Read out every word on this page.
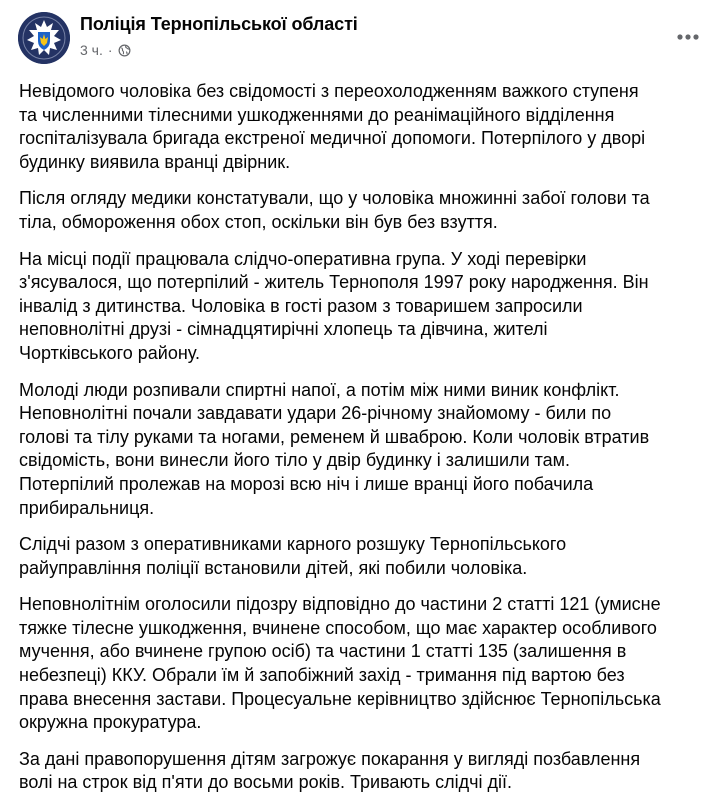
Поліція Тернопільської області
3 ч. ·

Невідомого чоловіка без свідомості з переохолодженням важкого ступеня
та численними тілесними ушкодженнями до реанімаційного відділення
госпіталізувала бригада екстреної медичної допомоги. Потерпілого у дворі
будинку виявила вранці двірник.

Після огляду медики констатували, що у чоловіка множинні забої голови та
тіла, обмороження обох стоп, оскільки він був без взуття.

На місці події працювала слідчо-оперативна група. У ході перевірки
з'ясувалося, що потерпілий - житель Тернополя 1997 року народження. Він
інвалід з дитинства. Чоловіка в гості разом з товаришем запросили
неповнолітні друзі - сімнадцятирічні хлопець та дівчина, жителі
Чортківського району.

Молоді люди розпивали спиртні напої, а потім між ними виник конфлікт.
Неповнолітні почали завдавати удари 26-річному знайомому - били по
голові та тілу руками та ногами, ременем й шваброю. Коли чоловік втратив
свідомість, вони винесли його тіло у двір будинку і залишили там.
Потерпілий пролежав на морозі всю ніч і лише вранці його побачила
прибиральниця.

Слідчі разом з оперативниками карного розшуку Тернопільського
райуправління поліції встановили дітей, які побили чоловіка.

Неповнолітнім оголосили підозру відповідно до частини 2 статті 121 (умисне
тяжке тілесне ушкодження, вчинене способом, що має характер особливого
мучення, або вчинене групою осіб) та частини 1 статті 135 (залишення в
небезпеці) ККУ. Обрали їм й запобіжний захід - тримання під вартою без
права внесення застави. Процесуальне керівництво здійснює Тернопільська
окружна прокуратура.

За дані правопорушення дітям загрожує покарання у вигляді позбавлення
волі на строк від п'яти до восьми років. Тривають слідчі дії.
